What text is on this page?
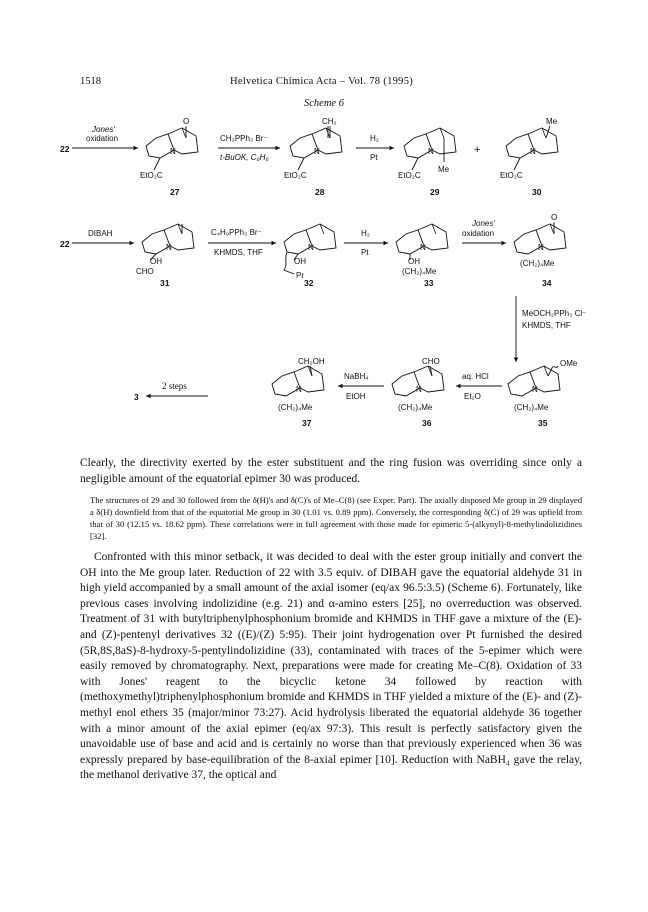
1518	Helvetica Chimica Acta – Vol. 78 (1995)
Scheme 6
22
Jones'
oxidation
N
O
EtO₂C
27
CH₃PPh₃ Br⁻
t-BuOK, C₆H₆
N
CH₂
EtO₂C
28
H₂
Pt
N
EtO₂C
Me
29
+	N
Me
EtO₂C
30
22
DIBAH
N
OH
CHO
31
C₄H₉PPh₃ Br⁻
KHMDS, THF
N
OH
Pr
32
H₂
Pt
N
OH
(CH₂)₄Me
33
Jones'
oxidation
N
O
(CH₂)₄Me
34
MeOCH₂PPh₃ Cl⁻
KHMDS, THF
N
OMe
(CH₂)₄Me
35
aq. HCl
Et₂O
N
CHO
(CH₂)₄Me
36
NaBH₄
EtOH
N
CH₂OH
(CH₂)₄Me
37
2 steps
3

Clearly, the directivity exerted by the ester substituent and the ring fusion was overriding since only a negligible amount of the equatorial epimer 30 was produced.

The structures of 29 and 30 followed from the δ(H)'s and δ(C)'s of Me–C(8) (see Exper. Part). The axially disposed Me group in 29 displayed a δ(H) downfield from that of the equatorial Me group in 30 (1.01 vs. 0.89 ppm). Conversely, the corresponding δ(C) of 29 was upfield from that of 30 (12.15 vs. 18.62 ppm). These correlations were in full agreement with those made for epimeric 5-(alkynyl)-8-methylindolizidines [32].

Confronted with this minor setback, it was decided to deal with the ester group initially and convert the OH into the Me group later. Reduction of 22 with 3.5 equiv. of DIBAH gave the equatorial aldehyde 31 in high yield accompanied by a small amount of the axial isomer (eq/ax 96.5:3.5) (Scheme 6). Fortunately, like previous cases involving indolizidine (e.g. 21) and α-amino esters [25], no overreduction was observed. Treatment of 31 with butyltriphenylphosphonium bromide and KHMDS in THF gave a mixture of the (E)- and (Z)-pentenyl derivatives 32 ((E)/(Z) 5:95). Their joint hydrogenation over Pt furnished the desired (5R,8S,8aS)-8-hydroxy-5-pentylindolizidine (33), contaminated with traces of the 5-epimer which were easily removed by chromatography. Next, preparations were made for creating Me–C(8). Oxidation of 33 with Jones' reagent to the bicyclic ketone 34 followed by reaction with (methoxymethyl)triphenylphosphonium bromide and KHMDS in THF yielded a mixture of the (E)- and (Z)-methyl enol ethers 35 (major/minor 73:27). Acid hydrolysis liberated the equatorial aldehyde 36 together with a minor amount of the axial epimer (eq/ax 97:3). This result is perfectly satisfactory given the unavoidable use of base and acid and is certainly no worse than that previously experienced when 36 was expressly prepared by base-equilibration of the 8-axial epimer [10]. Reduction with NaBH₄ gave the relay, the methanol derivative 37, the optical and
